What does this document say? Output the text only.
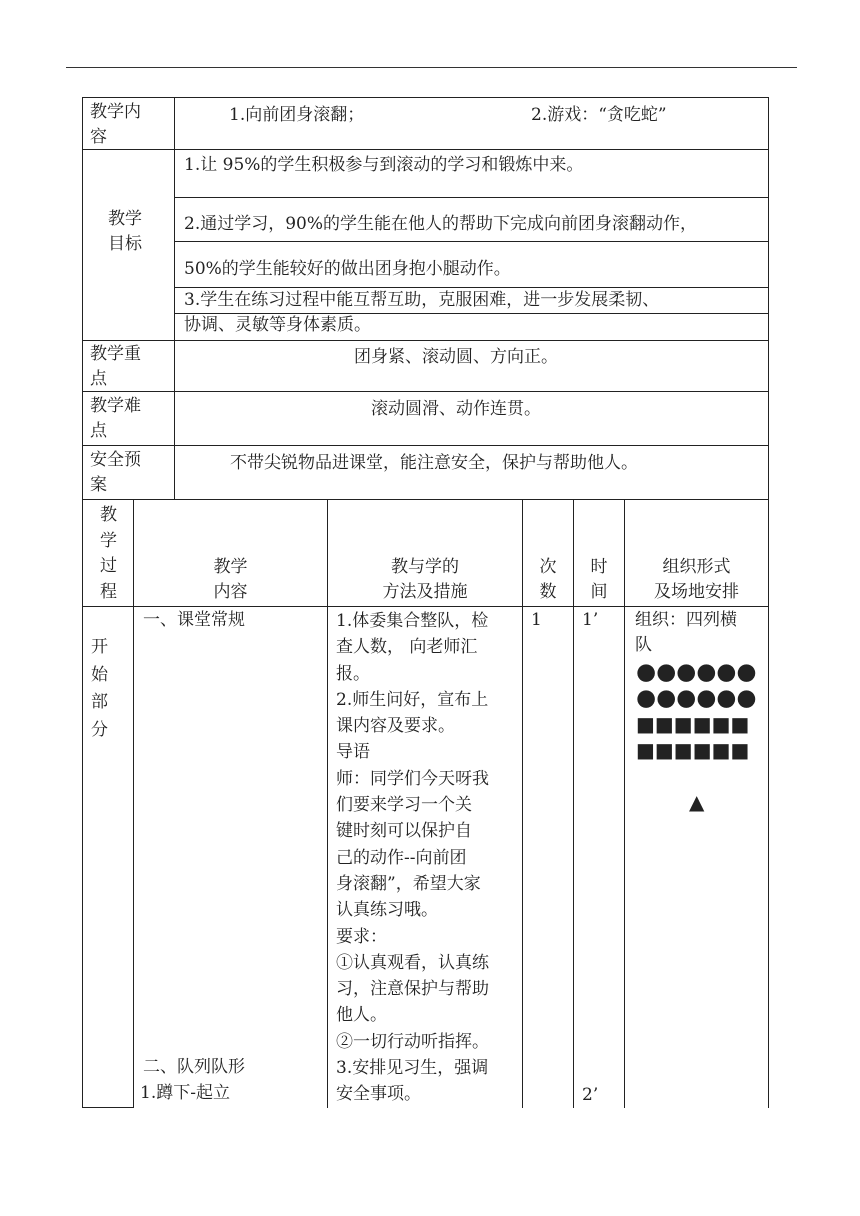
教学内
容
1.向前团身滚翻；	2.游戏：“贪吃蛇”
教学
目标
1.让 95%的学生积极参与到滚动的学习和锻炼中来。
2.通过学习，90%的学生能在他人的帮助下完成向前团身滚翻动作，
50%的学生能较好的做出团身抱小腿动作。
3.学生在练习过程中能互帮互助，克服困难，进一步发展柔韧、
协调、灵敏等身体素质。
教学重
点
团身紧、滚动圆、方向正。
教学难
点
滚动圆滑、动作连贯。
安全预
案
不带尖锐物品进课堂，能注意安全，保护与帮助他人。
教
学
过
程
教学
内容
教与学的
方法及措施
次
数
时
间
组织形式
及场地安排
开
始
部
分
一、课堂常规
二、队列队形
1.蹲下-起立
1.体委集合整队，检
查人数， 向老师汇
报。
2.师生问好，宣布上
课内容及要求。
导语
师：同学们今天呀我
们要来学习一个关
键时刻可以保护自
己的动作--向前团
身滚翻”，希望大家
认真练习哦。
要求：
①认真观看，认真练
习，注意保护与帮助
他人。
②一切行动听指挥。
3.安排见习生，强调
安全事项。
1 1’
2’
组织：四列横
队
●●●●●●
●●●●●●
■■■■■■
■■■■■■
▲
